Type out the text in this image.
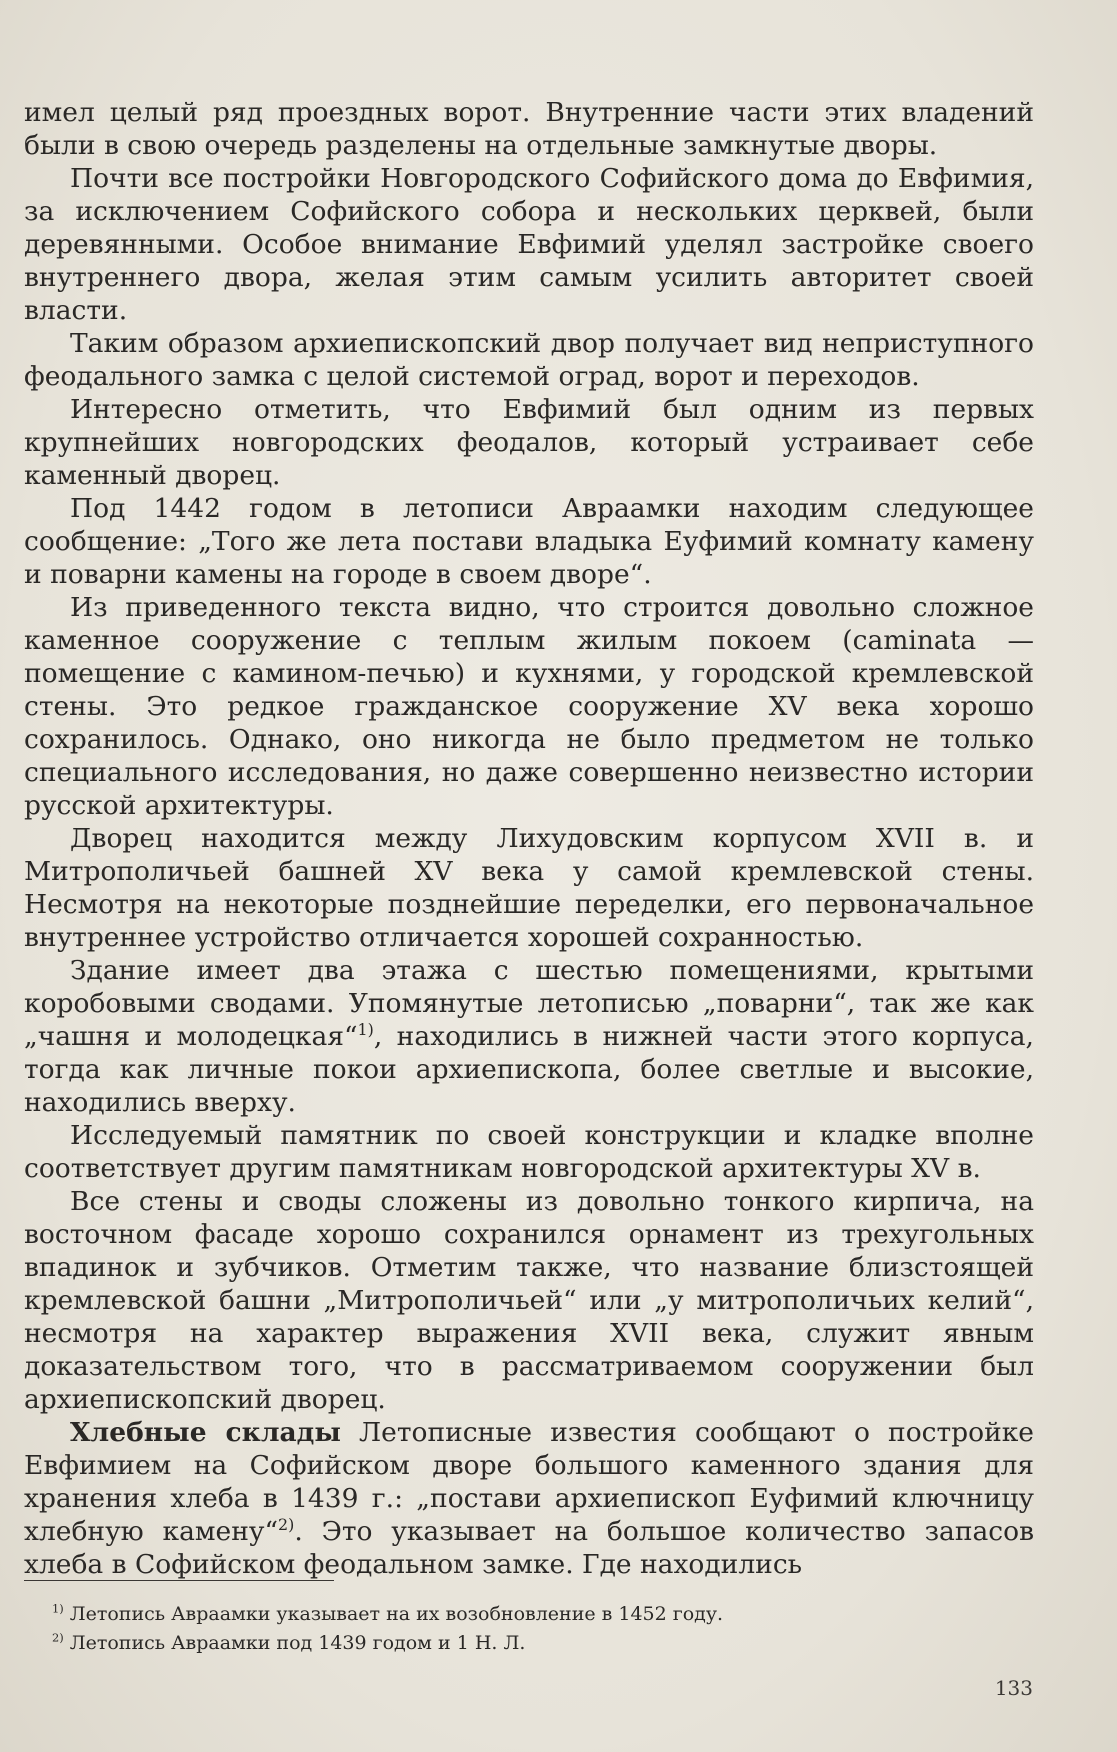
имел целый ряд проездных ворот. Внутренние части этих владений были в свою очередь разделены на отдельные замкнутые дворы.

Почти все постройки Новгородского Софийского дома до Евфимия, за исключением Софийского собора и нескольких церквей, были деревянными. Особое внимание Евфимий уделял застройке своего внутреннего двора, желая этим самым усилить авторитет своей власти.

Таким образом архиепископский двор получает вид неприступного феодального замка с целой системой оград, ворот и переходов.

Интересно отметить, что Евфимий был одним из первых крупнейших новгородских феодалов, который устраивает себе каменный дворец.

Под 1442 годом в летописи Авраамки находим следующее сообщение: „Того же лета постави владыка Еуфимий комнату камену и поварни камены на городе в своем дворе“.

Из приведенного текста видно, что строится довольно сложное каменное сооружение с теплым жилым покоем (caminata — помещение с камином-печью) и кухнями, у городской кремлевской стены. Это редкое гражданское сооружение XV века хорошо сохранилось. Однако, оно никогда не было предметом не только специального исследования, но даже совершенно неизвестно истории русской архитектуры.

Дворец находится между Лихудовским корпусом XVII в. и Митрополичьей башней XV века у самой кремлевской стены. Несмотря на некоторые позднейшие переделки, его первоначальное внутреннее устройство отличается хорошей сохранностью.

Здание имеет два этажа с шестью помещениями, крытыми коробовыми сводами. Упомянутые летописью „поварни“, так же как „чашня и молодецкая“$^{1)}$, находились в нижней части этого корпуса, тогда как личные покои архиепископа, более светлые и высокие, находились вверху.

Исследуемый памятник по своей конструкции и кладке вполне соответствует другим памятникам новгородской архитектуры XV в.

Все стены и своды сложены из довольно тонкого кирпича, на восточном фасаде хорошо сохранился орнамент из трехугольных впадинок и зубчиков. Отметим также, что название близстоящей кремлевской башни „Митрополичьей“ или „у митрополичьих келий“, несмотря на характер выражения XVII века, служит явным доказательством того, что в рассматриваемом сооружении был архиепископский дворец.

Хлебные склады Летописные известия сообщают о постройке Евфимием на Софийском дворе большого каменного здания для хранения хлеба в 1439 г.: „постави архиепископ Еуфимий ключницу хлебную камену“$^{2)}$. Это указывает на большое количество запасов хлеба в Софийском феодальном замке. Где находились

$^{1)}$ Летопись Авраамки указывает на их возобновление в 1452 году.
$^{2)}$ Летопись Авраамки под 1439 годом и 1 Н. Л.
133
